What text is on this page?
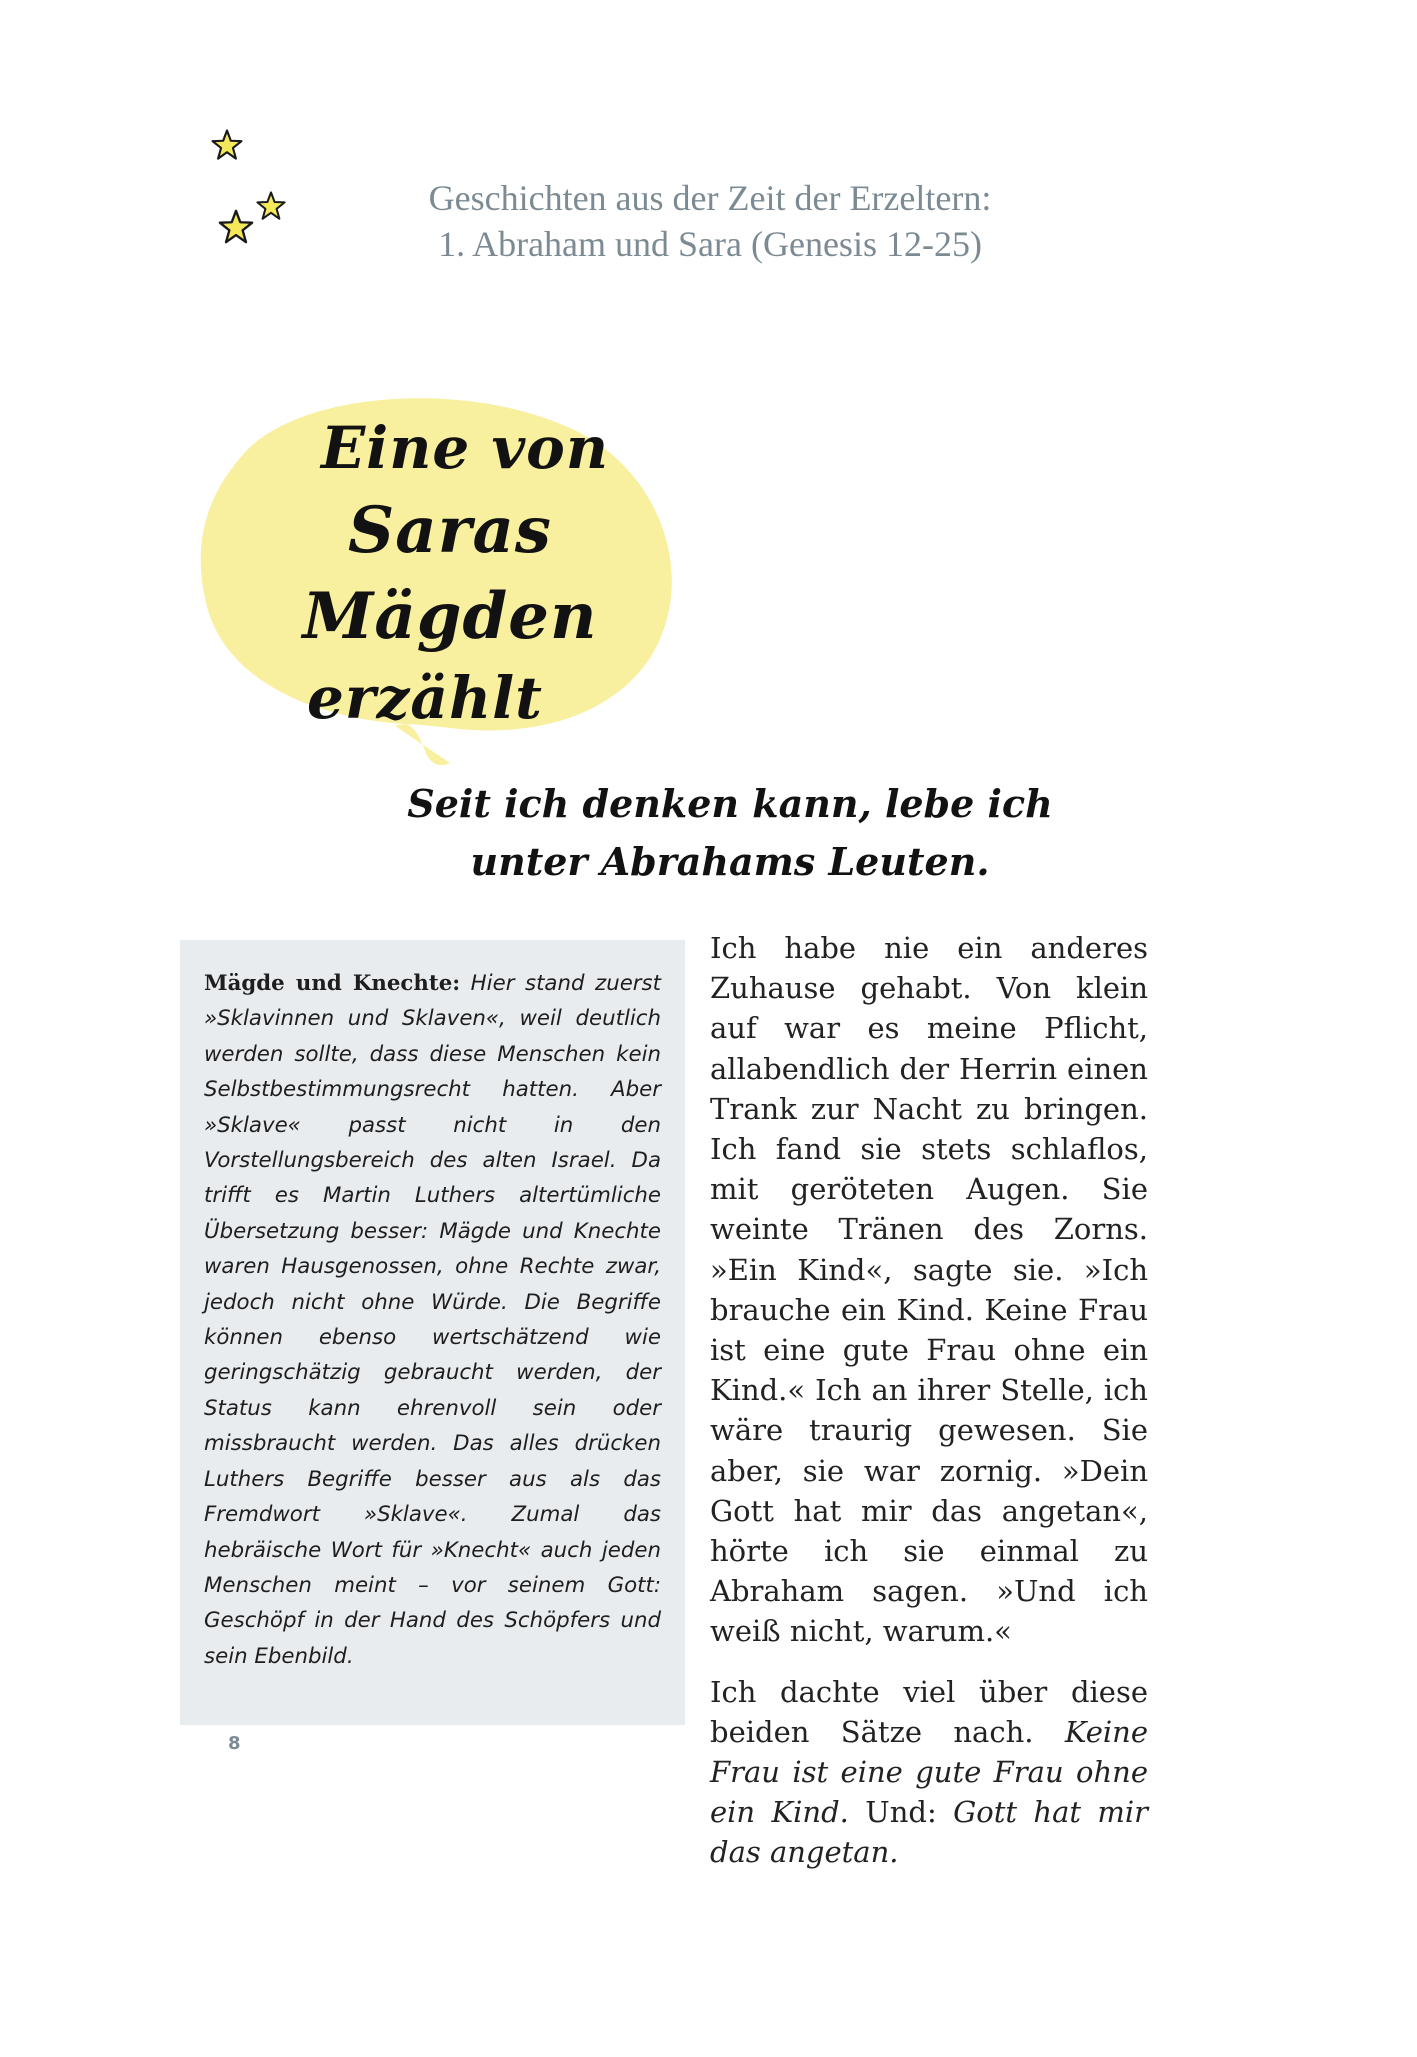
Geschichten aus der Zeit der Erzeltern:
1. Abraham und Sara (Genesis 12-25)
Eine von
Saras Mägden
erzählt
Seit ich denken kann, lebe ich
unter Abrahams Leuten.

Mägde und Knechte: Hier stand zuerst »Sklavinnen und Sklaven«, weil deutlich werden sollte, dass diese Menschen kein Selbstbestimmungsrecht hatten. Aber »Sklave« passt nicht in den Vorstellungsbereich des alten Israel. Da trifft es Martin Luthers altertümliche Übersetzung besser: Mägde und Knechte waren Hausgenossen, ohne Rechte zwar, jedoch nicht ohne Würde. Die Begriffe können ebenso wertschätzend wie geringschätzig gebraucht werden, der Status kann ehrenvoll sein oder missbraucht werden. Das alles drücken Luthers Begriffe besser aus als das Fremdwort »Sklave«. Zumal das hebräische Wort für »Knecht« auch jeden Menschen meint – vor seinem Gott: Geschöpf in der Hand des Schöpfers und sein Ebenbild.

8

Ich habe nie ein anderes Zuhause gehabt. Von klein auf war es meine Pflicht, allabendlich der Herrin einen Trank zur Nacht zu bringen. Ich fand sie stets schlaflos, mit geröteten Augen. Sie weinte Tränen des Zorns. »Ein Kind«, sagte sie. »Ich brauche ein Kind. Keine Frau ist eine gute Frau ohne ein Kind.« Ich an ihrer Stelle, ich wäre traurig gewesen. Sie aber, sie war zornig. »Dein Gott hat mir das angetan«, hörte ich sie einmal zu Abraham sagen. »Und ich weiß nicht, warum.«

Ich dachte viel über diese beiden Sätze nach. Keine Frau ist eine gute Frau ohne ein Kind. Und: Gott hat mir das angetan.
